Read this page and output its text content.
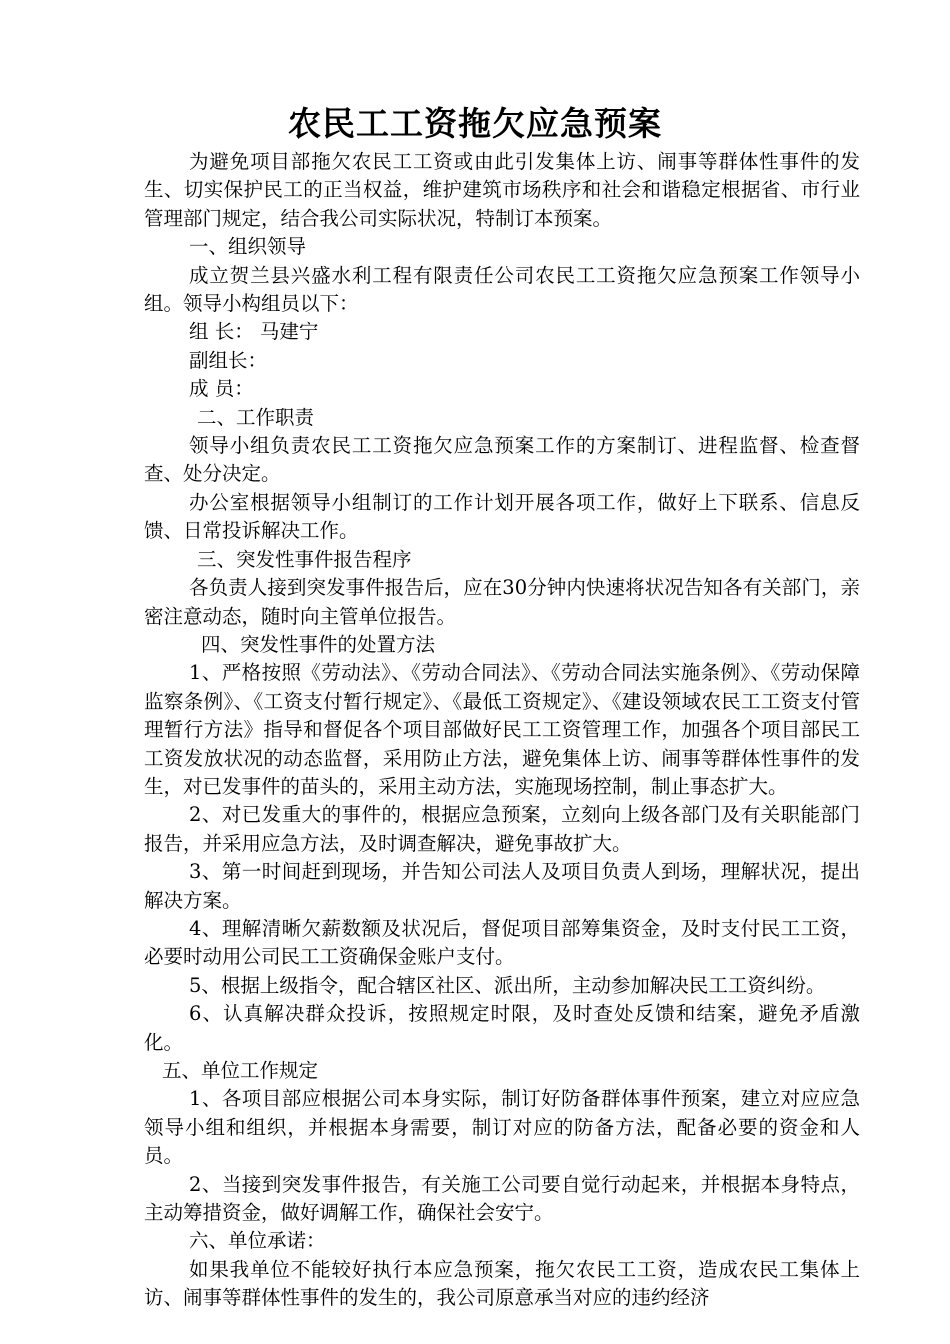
农民工工资拖欠应急预案

为避免项目部拖欠农民工工资或由此引发集体上访、闹事等群体性事件的发生、切实保护民工的正当权益，维护建筑市场秩序和社会和谐稳定根据省、市行业管理部门规定，结合我公司实际状况，特制订本预案。

一、组织领导

成立贺兰县兴盛水利工程有限责任公司农民工工资拖欠应急预案工作领导小组。领导小构组员以下：

组 长： 马建宁

副组长：

成 员：

二、工作职责

领导小组负责农民工工资拖欠应急预案工作的方案制订、进程监督、检查督查、处分决定。

办公室根据领导小组制订的工作计划开展各项工作，做好上下联系、信息反馈、日常投诉解决工作。

三、突发性事件报告程序

各负责人接到突发事件报告后，应在30分钟内快速将状况告知各有关部门，亲密注意动态，随时向主管单位报告。

四、突发性事件的处置方法

1、严格按照《劳动法》、《劳动合同法》、《劳动合同法实施条例》、《劳动保障监察条例》、《工资支付暂行规定》、《最低工资规定》、《建设领域农民工工资支付管理暂行方法》指导和督促各个项目部做好民工工资管理工作，加强各个项目部民工工资发放状况的动态监督，采用防止方法，避免集体上访、闹事等群体性事件的发生，对已发事件的苗头的，采用主动方法，实施现场控制，制止事态扩大。

2、对已发重大的事件的，根据应急预案，立刻向上级各部门及有关职能部门报告，并采用应急方法，及时调查解决，避免事故扩大。

3、第一时间赶到现场，并告知公司法人及项目负责人到场，理解状况，提出解决方案。

4、理解清晰欠薪数额及状况后，督促项目部筹集资金，及时支付民工工资，必要时动用公司民工工资确保金账户支付。

5、根据上级指令，配合辖区社区、派出所，主动参加解决民工工资纠纷。

6、认真解决群众投诉，按照规定时限，及时查处反馈和结案，避免矛盾激化。

五、单位工作规定

1、各项目部应根据公司本身实际，制订好防备群体事件预案，建立对应应急领导小组和组织，并根据本身需要，制订对应的防备方法，配备必要的资金和人员。

2、当接到突发事件报告，有关施工公司要自觉行动起来，并根据本身特点，主动筹措资金，做好调解工作，确保社会安宁。

六、单位承诺：

如果我单位不能较好执行本应急预案，拖欠农民工工资，造成农民工集体上访、闹事等群体性事件的发生的，我公司原意承当对应的违约经济
